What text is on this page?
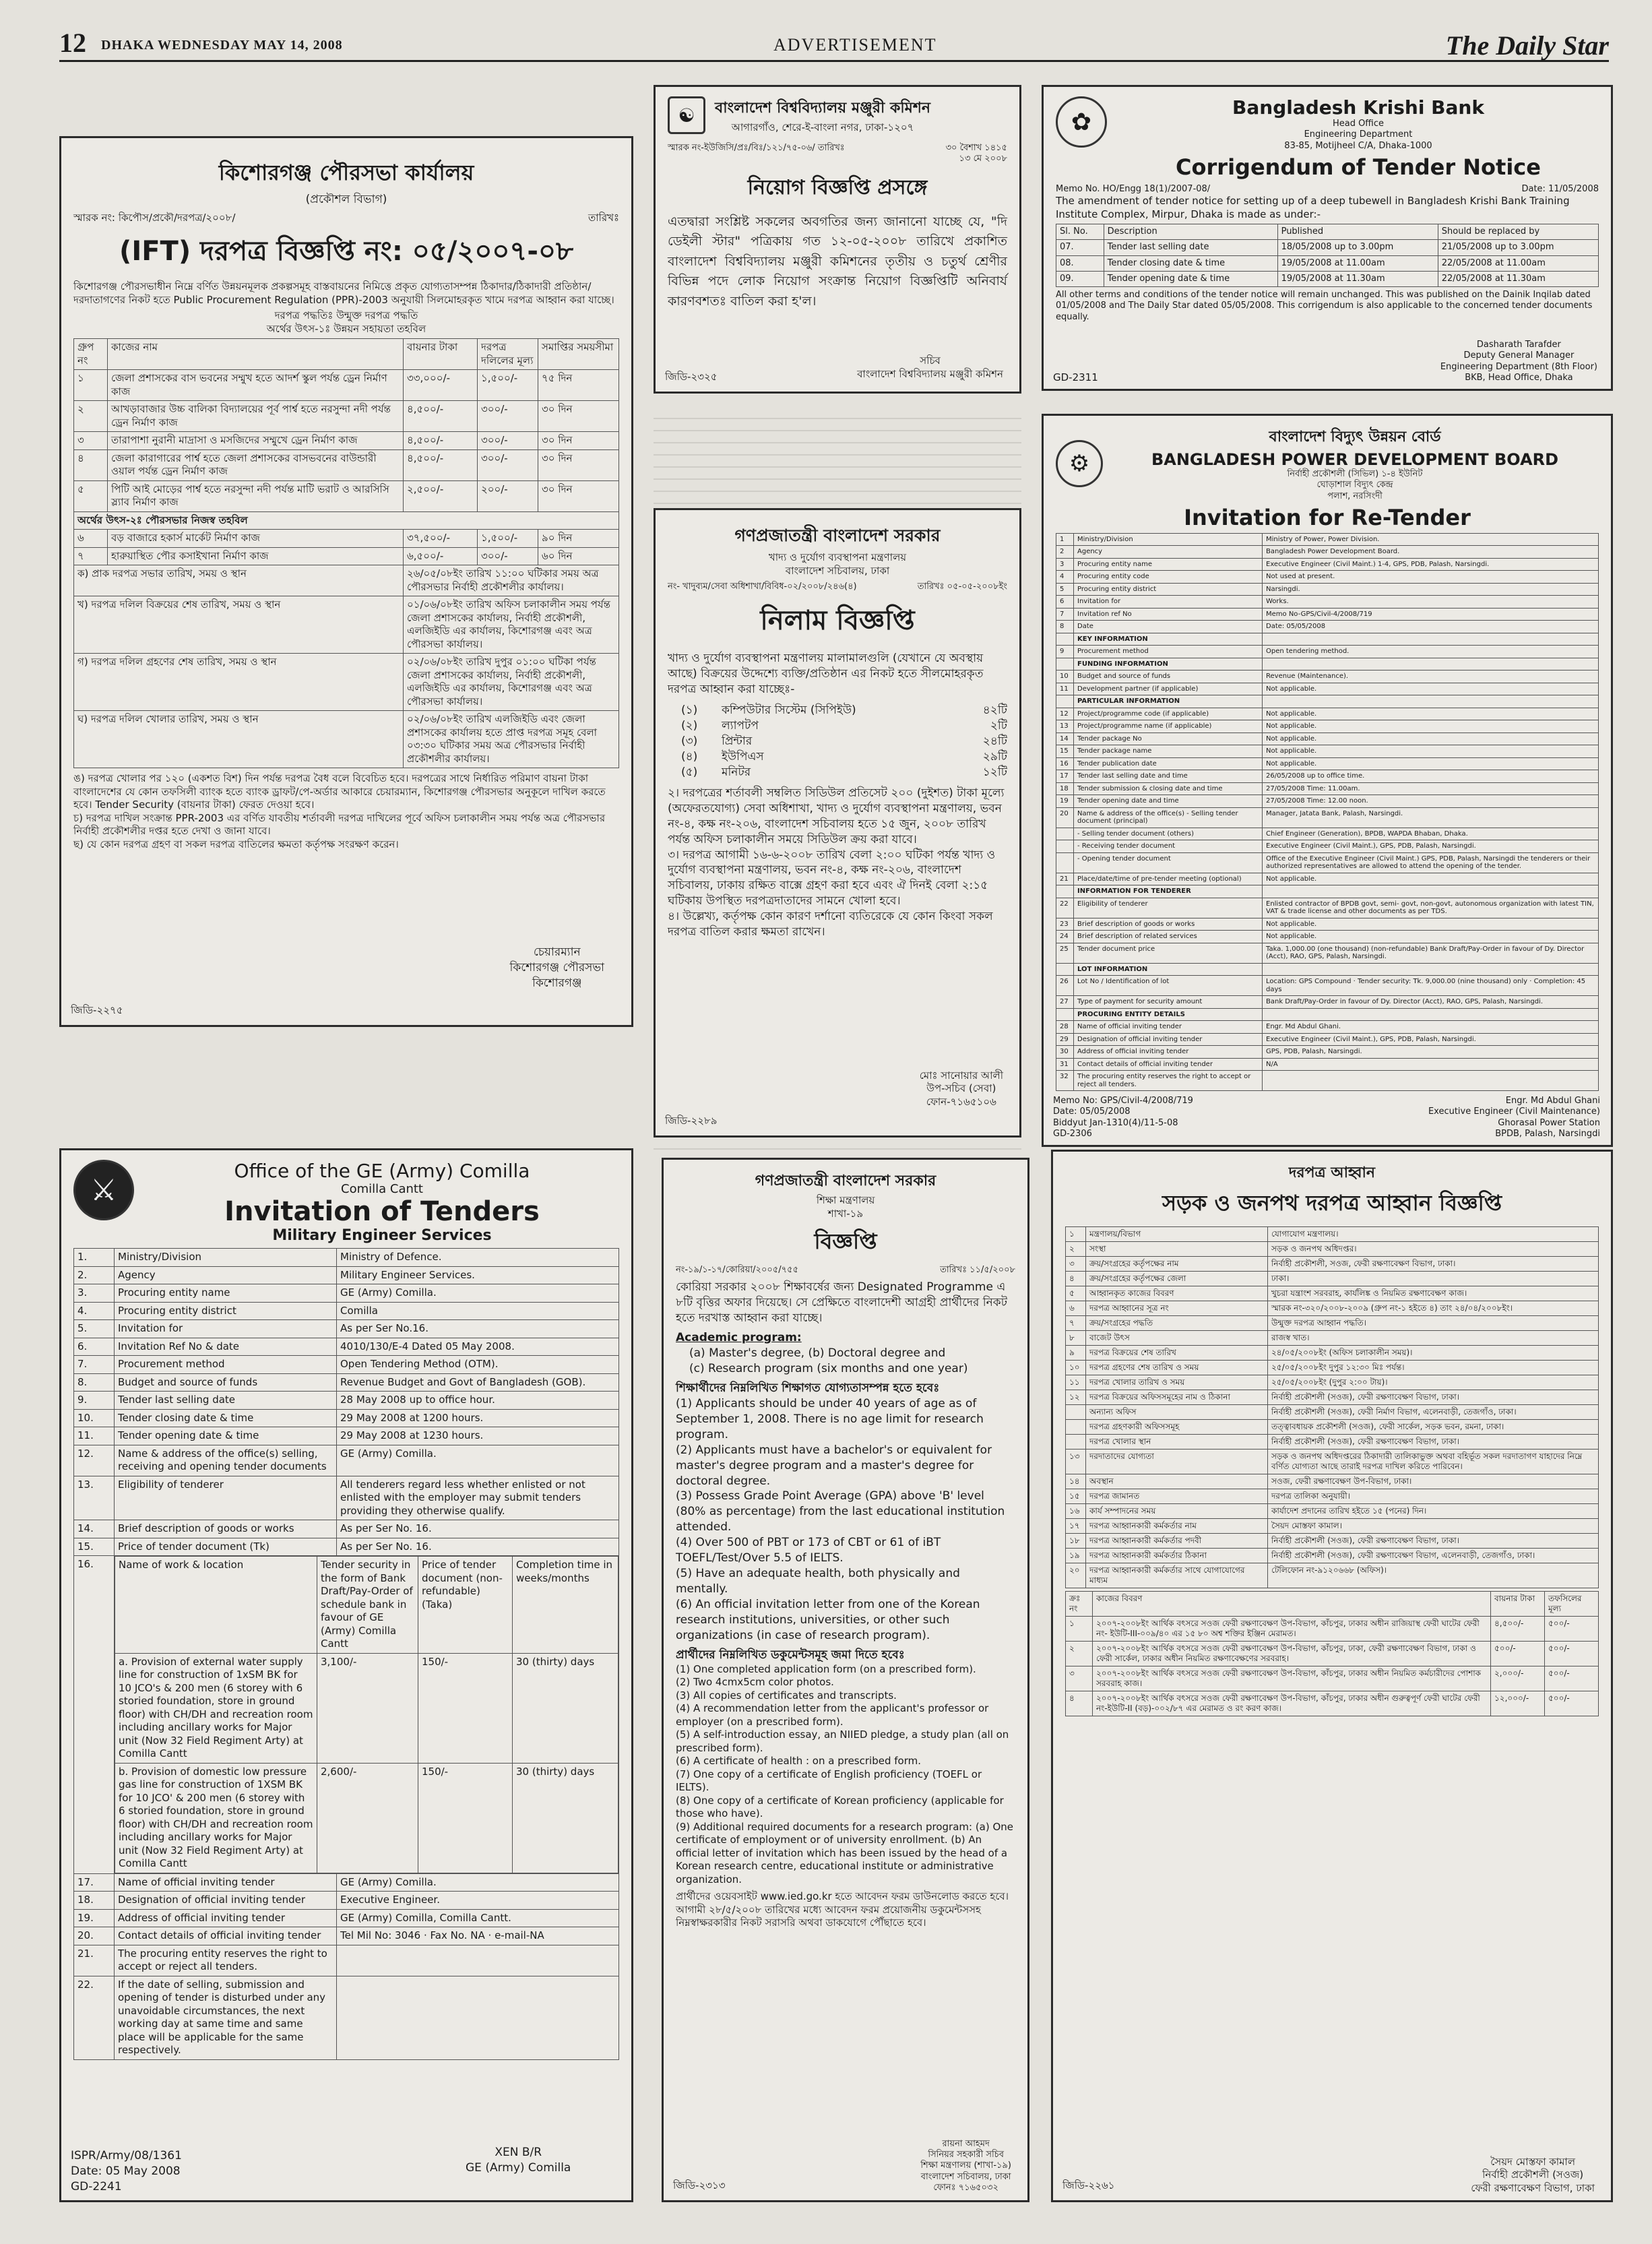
12 DHAKA WEDNESDAY MAY 14, 2008	ADVERTISEMENT	The Daily Star
কিশোরগঞ্জ পৌরসভা কার্যালয়
(প্রকৌশল বিভাগ)
স্মারক নং: কিপৌস/প্রকৌ/দরপত্র/২০০৮/	তারিখঃ
(IFT) দরপত্র বিজ্ঞপ্তি নং: ০৫/২০০৭-০৮
কিশোরগঞ্জ পৌরসভাধীন নিম্নে বর্ণিত উন্নয়নমূলক প্রকল্পসমূহ বাস্তবায়নের নিমিত্তে প্রকৃত যোগ্যতাসম্পন্ন ঠিকাদার/ঠিকাদারী প্রতিষ্ঠান/দরদাতাগণের নিকট হতে Public Procurement Regulation (PPR)-2003 অনুযায়ী সিলমোহরকৃত খামে দরপত্র আহ্বান করা যাচ্ছে।
দরপত্র পদ্ধতিঃ উন্মুক্ত দরপত্র পদ্ধতি
অর্থের উৎস-১ঃ উন্নয়ন সহায়তা তহবিল
গ্রুপ নং	কাজের নাম	বায়নার টাকা	দরপত্র দলিলের মূল্য	সমাপ্তির সময়সীমা
১	জেলা প্রশাসকের বাস ভবনের সম্মুখ হতে আদর্শ স্কুল পর্যন্ত ড্রেন নির্মাণ কাজ	৩৩,০০০/-	১,৫০০/-	৭৫ দিন
২	আখড়াবাজার উচ্চ বালিকা বিদ্যালয়ের পূর্ব পার্শ্ব হতে নরসুন্দা নদী পর্যন্ত ড্রেন নির্মাণ কাজ	৪,৫০০/-	৩০০/-	৩০ দিন
৩	তারাপাশা নুরানী মাদ্রাসা ও মসজিদের সম্মুখে ড্রেন নির্মাণ কাজ	৪,৫০০/-	৩০০/-	৩০ দিন
৪	জেলা কারাগারের পার্শ্ব হতে জেলা প্রশাসকের বাসভবনের বাউন্ডারী ওয়াল পর্যন্ত ড্রেন নির্মাণ কাজ	৪,৫০০/-	৩০০/-	৩০ দিন
৫	পিটি আই মোড়ের পার্শ্ব হতে নরসুন্দা নদী পর্যন্ত মাটি ভরাট ও আরসিসি স্ল্যাব নির্মাণ কাজ	২,৫০০/-	২০০/-	৩০ দিন
অর্থের উৎস-২ঃ পৌরসভার নিজস্ব তহবিল				
৬	বড় বাজারে হকার্স মার্কেট নির্মাণ কাজ	৩৭,৫০০/-	১,৫০০/-	৯০ দিন
৭	হারুয়াস্থিত পৌর কসাইখানা নির্মাণ কাজ	৬,৫০০/-	৩০০/-	৬০ দিন
ক) প্রাক দরপত্র সভার তারিখ, সময় ও স্থান		২৬/০৫/০৮ইং তারিখ ১১:০০ ঘটিকার সময় অত্র পৌরসভার নির্বাহী প্রকৌশলীর কার্যালয়।		
খ) দরপত্র দলিল বিক্রয়ের শেষ তারিখ, সময় ও স্থান		০১/০৬/০৮ইং তারিখ অফিস চলাকালীন সময় পর্যন্ত জেলা প্রশাসকের কার্যালয়, নির্বাহী প্রকৌশলী, এলজিইডি এর কার্যালয়, কিশোরগঞ্জ এবং অত্র পৌরসভা কার্যালয়।		
গ) দরপত্র দলিল গ্রহণের শেষ তারিখ, সময় ও স্থান		০২/০৬/০৮ইং তারিখ দুপুর ০১:০০ ঘটিকা পর্যন্ত জেলা প্রশাসকের কার্যালয়, নির্বাহী প্রকৌশলী, এলজিইডি এর কার্যালয়, কিশোরগঞ্জ এবং অত্র পৌরসভা কার্যালয়।		
ঘ) দরপত্র দলিল খোলার তারিখ, সময় ও স্থান		০২/০৬/০৮ইং তারিখ এলজিইডি এবং জেলা প্রশাসকের কার্যালয় হতে প্রাপ্ত দরপত্র সমূহ বেলা ০৩:৩০ ঘটিকার সময় অত্র পৌরসভার নির্বাহী প্রকৌশলীর কার্যালয়।		
ঙ) দরপত্র খোলার পর ১২০ (একশত বিশ) দিন পর্যন্ত দরপত্র বৈধ বলে বিবেচিত হবে। দরপত্রের সাথে নির্ধারিত পরিমাণ বায়না টাকা বাংলাদেশের যে কোন তফসিলী ব্যাংক হতে ব্যাংক ড্রাফট/পে-অর্ডার আকারে চেয়ারম্যান, কিশোরগঞ্জ পৌরসভার অনুকূলে দাখিল করতে হবে। Tender Security (বায়নার টাকা) ফেরত দেওয়া হবে।
চ) দরপত্র দাখিল সংক্রান্ত PPR-2003 এর বর্ণিত যাবতীয় শর্তাবলী দরপত্র দাখিলের পূর্বে অফিস চলাকালীন সময় পর্যন্ত অত্র পৌরসভার নির্বাহী প্রকৌশলীর দপ্তর হতে দেখা ও জানা যাবে।
ছ) যে কোন দরপত্র গ্রহণ বা সকল দরপত্র বাতিলের ক্ষমতা কর্তৃপক্ষ সংরক্ষণ করেন।
চেয়ারম্যান
কিশোরগঞ্জ পৌরসভা
কিশোরগঞ্জ
জিডি-২২৭৫
☯	বাংলাদেশ বিশ্ববিদ্যালয় মঞ্জুরী কমিশন
আগারগাঁও, শেরে-ই-বাংলা নগর, ঢাকা-১২০৭
স্মারক নং-ইউজিসি/প্রঃ/বিঃ/১২১/৭৫-০৬/ তারিখঃ	৩০ বৈশাখ ১৪১৫
১৩ মে ২০০৮
নিয়োগ বিজ্ঞপ্তি প্রসঙ্গে
এতদ্বারা সংশ্লিষ্ট সকলের অবগতির জন্য জানানো যাচ্ছে যে, "দি ডেইলী স্টার" পত্রিকায় গত ১২-০৫-২০০৮ তারিখে প্রকাশিত বাংলাদেশ বিশ্ববিদ্যালয় মঞ্জুরী কমিশনের তৃতীয় ও চতুর্থ শ্রেণীর বিভিন্ন পদে লোক নিয়োগ সংক্রান্ত নিয়োগ বিজ্ঞপ্তিটি অনিবার্য কারণবশতঃ বাতিল করা হ'ল।
সচিব
বাংলাদেশ বিশ্ববিদ্যালয় মঞ্জুরী কমিশন
জিডি-২৩২৫
✿
Bangladesh Krishi Bank
Head Office
Engineering Department
83-85, Motijheel C/A, Dhaka-1000
Corrigendum of Tender Notice
Memo No. HO/Engg 18(1)/2007-08/	Date: 11/05/2008
The amendment of tender notice for setting up of a deep tubewell in Bangladesh Krishi Bank Training Institute Complex, Mirpur, Dhaka is made as under:-
Sl. No.	Description	Published	Should be replaced by
07.	Tender last selling date	18/05/2008 up to 3.00pm	21/05/2008 up to 3.00pm
08.	Tender closing date & time	19/05/2008 at 11.00am	22/05/2008 at 11.00am
09.	Tender opening date & time	19/05/2008 at 11.30am	22/05/2008 at 11.30am
All other terms and conditions of the tender notice will remain unchanged. This was published on the Dainik Inqilab dated 01/05/2008 and The Daily Star dated 05/05/2008. This corrigendum is also applicable to the concerned tender documents equally.
Dasharath Tarafder
Deputy General Manager
Engineering Department (8th Floor)
BKB, Head Office, Dhaka
GD-2311
গণপ্রজাতন্ত্রী বাংলাদেশ সরকার
খাদ্য ও দুর্যোগ ব্যবস্থাপনা মন্ত্রণালয়
বাংলাদেশ সচিবালয়, ঢাকা
নং- খাদুব্যম/সেবা অধিশাখা/বিবিধ-০২/২০০৮/২৪৬(৪)	তারিখঃ ০৫-০৫-২০০৮ইং
নিলাম বিজ্ঞপ্তি
খাদ্য ও দুর্যোগ ব্যবস্থাপনা মন্ত্রণালয় মালামালগুলি (যেখানে যে অবস্থায় আছে) বিক্রয়ের উদ্দেশ্যে ব্যক্তি/প্রতিষ্ঠান এর নিকট হতে সীলমোহরকৃত দরপত্র আহ্বান করা যাচ্ছেঃ-
(১)	কম্পিউটার সিস্টেম (সিপিইউ)	৪২টি
(২)	ল্যাপটপ	২টি
(৩)	প্রিন্টার	২৪টি
(৪)	ইউপিএস	২৯টি
(৫)	মনিটর	১২টি
২। দরপত্রের শর্তাবলী সম্বলিত সিডিউল প্রতিসেট ২০০ (দুইশত) টাকা মূল্যে (অফেরতযোগ্য) সেবা অধিশাখা, খাদ্য ও দুর্যোগ ব্যবস্থাপনা মন্ত্রণালয়, ভবন নং-৪, কক্ষ নং-২০৬, বাংলাদেশ সচিবালয় হতে ১৫ জুন, ২০০৮ তারিখ পর্যন্ত অফিস চলাকালীন সময়ে সিডিউল ক্রয় করা যাবে।
৩। দরপত্র আগামী ১৬-৬-২০০৮ তারিখ বেলা ২:০০ ঘটিকা পর্যন্ত খাদ্য ও দুর্যোগ ব্যবস্থাপনা মন্ত্রণালয়, ভবন নং-৪, কক্ষ নং-২০৬, বাংলাদেশ সচিবালয়, ঢাকায় রক্ষিত বাক্সে গ্রহণ করা হবে এবং ঐ দিনই বেলা ২:১৫ ঘটিকায় উপস্থিত দরপত্রদাতাদের সামনে খোলা হবে।
৪। উল্লেখ্য, কর্তৃপক্ষ কোন কারণ দর্শানো ব্যতিরেকে যে কোন কিংবা সকল দরপত্র বাতিল করার ক্ষমতা রাখেন।
মোঃ সানোয়ার আলী
উপ-সচিব (সেবা)
ফোন-৭১৬৫১০৬
জিডি-২২৮৯
⚙
বাংলাদেশ বিদ্যুৎ উন্নয়ন বোর্ড
BANGLADESH POWER DEVELOPMENT BOARD
নির্বাহী প্রকৌশলী (সিভিল) ১-৪ ইউনিট
ঘোড়াশাল বিদ্যুৎ কেন্দ্র
পলাশ, নরসিংদী
Invitation for Re-Tender
1	Ministry/Division	Ministry of Power, Power Division.
2	Agency	Bangladesh Power Development Board.
3	Procuring entity name	Executive Engineer (Civil Maint.) 1-4, GPS, PDB, Palash, Narsingdi.
4	Procuring entity code	Not used at present.
5	Procuring entity district	Narsingdi.
6	Invitation for	Works.
7	Invitation ref No	Memo No-GPS/Civil-4/2008/719
8	Date	Date: 05/05/2008
	KEY INFORMATION	
9	Procurement method	Open tendering method.
	FUNDING INFORMATION	
10	Budget and source of funds	Revenue (Maintenance).
11	Development partner (if applicable)	Not applicable.
	PARTICULAR INFORMATION	
12	Project/programme code (if applicable)	Not applicable.
13	Project/programme name (if applicable)	Not applicable.
14	Tender package No	Not applicable.
15	Tender package name	Not applicable.
16	Tender publication date	Not applicable.
17	Tender last selling date and time	26/05/2008 up to office time.
18	Tender submission & closing date and time	27/05/2008 Time: 11.00am.
19	Tender opening date and time	27/05/2008 Time: 12.00 noon.
20	Name & address of the office(s) - Selling tender document (principal)	Manager, Jatata Bank, Palash, Narsingdi.
	- Selling tender document (others)	Chief Engineer (Generation), BPDB, WAPDA Bhaban, Dhaka.
	- Receiving tender document	Executive Engineer (Civil Maint.), GPS, PDB, Palash, Narsingdi.
	- Opening tender document	Office of the Executive Engineer (Civil Maint.) GPS, PDB, Palash, Narsingdi the tenderers or their authorized representatives are allowed to attend the opening of the tender.
21	Place/date/time of pre-tender meeting (optional)	Not applicable.
	INFORMATION FOR TENDERER	
22	Eligibility of tenderer	Enlisted contractor of BPDB govt, semi- govt, non-govt, autonomous organization with latest TIN, VAT & trade license and other documents as per TDS.
23	Brief description of goods or works	Not applicable.
24	Brief description of related services	Not applicable.
25	Tender document price	Taka. 1,000.00 (one thousand) (non-refundable) Bank Draft/Pay-Order in favour of Dy. Director (Acct), RAO, GPS, Palash, Narsingdi.
	LOT INFORMATION	
26	Lot No / Identification of lot	Location: GPS Compound · Tender security: Tk. 9,000.00 (nine thousand) only · Completion: 45 days
27	Type of payment for security amount	Bank Draft/Pay-Order in favour of Dy. Director (Acct), RAO, GPS, Palash, Narsingdi.
	PROCURING ENTITY DETAILS	
28	Name of official inviting tender	Engr. Md Abdul Ghani.
29	Designation of official inviting tender	Executive Engineer (Civil Maint.), GPS, PDB, Palash, Narsingdi.
30	Address of official inviting tender	GPS, PDB, Palash, Narsingdi.
31	Contact details of official inviting tender	N/A
32	The procuring entity reserves the right to accept or reject all tenders.	
Memo No: GPS/Civil-4/2008/719
Date: 05/05/2008
Biddyut Jan-1310(4)/11-5-08
GD-2306
Engr. Md Abdul Ghani
Executive Engineer (Civil Maintenance)
Ghorasal Power Station
BPDB, Palash, Narsingdi
⚔
Office of the GE (Army) Comilla
Comilla Cantt
Invitation of Tenders
Military Engineer Services
1.	Ministry/Division	Ministry of Defence.
2.	Agency	Military Engineer Services.
3.	Procuring entity name	GE (Army) Comilla.
4.	Procuring entity district	Comilla
5.	Invitation for	As per Ser No.16.
6.	Invitation Ref No & date	4010/130/E-4 Dated 05 May 2008.
7.	Procurement method	Open Tendering Method (OTM).
8.	Budget and source of funds	Revenue Budget and Govt of Bangladesh (GOB).
9.	Tender last selling date	28 May 2008 up to office hour.
10.	Tender closing date & time	29 May 2008 at 1200 hours.
11.	Tender opening date & time	29 May 2008 at 1230 hours.
12.	Name & address of the office(s) selling, receiving and opening tender documents	GE (Army) Comilla.
13.	Eligibility of tenderer	All tenderers regard less whether enlisted or not enlisted with the employer may submit tenders providing they otherwise qualify.
14.	Brief description of goods or works	As per Ser No. 16.
15.	Price of tender document (Tk)	As per Ser No. 16.
16.	Name of work & location	Tender security in the form of Bank Draft/Pay-Order of schedule bank in favour of GE (Army) Comilla Cantt	Price of tender document (non-refundable) (Taka)	Completion time in weeks/months
a. Provision of external water supply line for construction of 1xSM BK for 10 JCO's & 200 men (6 storey with 6 storied foundation, store in ground floor) with CH/DH and recreation room including ancillary works for Major unit (Now 32 Field Regiment Arty) at Comilla Cantt	3,100/-	150/-	30 (thirty) days
b. Provision of domestic low pressure gas line for construction of 1XSM BK for 10 JCO' & 200 men (6 storey with 6 storied foundation, store in ground floor) with CH/DH and recreation room including ancillary works for Major unit (Now 32 Field Regiment Arty) at Comilla Cantt	2,600/-	150/-	30 (thirty) days

17.	Name of official inviting tender	GE (Army) Comilla.
18.	Designation of official inviting tender	Executive Engineer.
19.	Address of official inviting tender	GE (Army) Comilla, Comilla Cantt.
20.	Contact details of official inviting tender	Tel Mil No: 3046 · Fax No. NA · e-mail-NA
21.	The procuring entity reserves the right to accept or reject all tenders.	
22.	If the date of selling, submission and opening of tender is disturbed under any unavoidable circumstances, the next working day at same time and same place will be applicable for the same respectively.	
ISPR/Army/08/1361
Date: 05 May 2008
GD-2241
XEN B/R
GE (Army) Comilla
গণপ্রজাতন্ত্রী বাংলাদেশ সরকার
শিক্ষা মন্ত্রণালয়
শাখা-১৯
বিজ্ঞপ্তি
নং-১৯/১-১৭/কোরিয়া/২০০৫/৭৫৫	তারিখঃ ১১/৫/২০০৮
কোরিয়া সরকার ২০০৮ শিক্ষাবর্ষের জন্য Designated Programme এ ৮টি বৃত্তির অফার দিয়েছে। সে প্রেক্ষিতে বাংলাদেশী আগ্রহী প্রার্থীদের নিকট হতে দরখাস্ত আহ্বান করা যাচ্ছে।
Academic program:
(a) Master's degree, (b) Doctoral degree and
(c) Research program (six months and one year)
শিক্ষার্থীদের নিম্নলিখিত শিক্ষাগত যোগ্যতাসম্পন্ন হতে হবেঃ
(1) Applicants should be under 40 years of age as of September 1, 2008. There is no age limit for research program.
(2) Applicants must have a bachelor's or equivalent for master's degree program and a master's degree for doctoral degree.
(3) Possess Grade Point Average (GPA) above 'B' level (80% as percentage) from the last educational institution attended.
(4) Over 500 of PBT or 173 of CBT or 61 of iBT TOEFL/Test/Over 5.5 of IELTS.
(5) Have an adequate health, both physically and mentally.
(6) An official invitation letter from one of the Korean research institutions, universities, or other such organizations (in case of research program).
প্রার্থীদের নিম্নলিখিত ডকুমেন্টসমূহ জমা দিতে হবেঃ
(1) One completed application form (on a prescribed form).
(2) Two 4cmx5cm color photos.
(3) All copies of certificates and transcripts.
(4) A recommendation letter from the applicant's professor or employer (on a prescribed form).
(5) A self-introduction essay, an NIIED pledge, a study plan (all on prescribed form).
(6) A certificate of health : on a prescribed form.
(7) One copy of a certificate of English proficiency (TOEFL or IELTS).
(8) One copy of a certificate of Korean proficiency (applicable for those who have).
(9) Additional required documents for a research program: (a) One certificate of employment or of university enrollment. (b) An official letter of invitation which has been issued by the head of a Korean research centre, educational institute or administrative organization.
প্রার্থীদের ওয়েবসাইট www.ied.go.kr হতে আবেদন ফরম ডাউনলোড করতে হবে। আগামী ২৮/৫/২০০৮ তারিখের মধ্যে আবেদন ফরম প্রয়োজনীয় ডকুমেন্টসসহ নিম্নস্বাক্ষরকারীর নিকট সরাসরি অথবা ডাকযোগে পৌঁছাতে হবে।
রায়না আহমদ
সিনিয়র সহকারী সচিব
শিক্ষা মন্ত্রণালয় (শাখা-১৯)
বাংলাদেশ সচিবালয়, ঢাকা
ফোনঃ ৭১৬৫০৩২
জিডি-২৩১৩
দরপত্র আহ্বান
সড়ক ও জনপথ দরপত্র আহ্বান বিজ্ঞপ্তি
১	মন্ত্রণালয়/বিভাগ	যোগাযোগ মন্ত্রণালয়।
২	সংস্থা	সড়ক ও জনপথ অধিদপ্তর।
৩	ক্রয়/সংগ্রহের কর্তৃপক্ষের নাম	নির্বাহী প্রকৌশলী, সওজ, ফেরী রক্ষণাবেক্ষণ বিভাগ, ঢাকা।
৪	ক্রয়/সংগ্রহের কর্তৃপক্ষের জেলা	ঢাকা।
৫	আহ্বানকৃত কাজের বিবরণ	খুচরা যন্ত্রাংশ সরবরাহ, কার্যলিঙ্ক ও নিয়মিত রক্ষণাবেক্ষণ কাজ।
৬	দরপত্র আহ্বানের সূত্র নং	স্মারক নং-৩২০/২০০৮-২০০৯ (গ্রুপ নং-১ হইতে ৪) তাং ২৪/০৪/২০০৮ইং।
৭	ক্রয়/সংগ্রহের পদ্ধতি	উন্মুক্ত দরপত্র আহ্বান পদ্ধতি।
৮	বাজেট উৎস	রাজস্ব খাত।
৯	দরপত্র বিক্রয়ের শেষ তারিখ	২৪/০৫/২০০৮ইং (অফিস চলাকালীন সময়)।
১০	দরপত্র গ্রহণের শেষ তারিখ ও সময়	২৫/০৫/২০০৮ইং দুপুর ১২:৩০ মিঃ পর্যন্ত।
১১	দরপত্র খোলার তারিখ ও সময়	২৫/০৫/২০০৮ইং (দুপুর ২:০০ টায়)।
১২	দরপত্র বিক্রয়ের অফিসসমূহের নাম ও ঠিকানা	নির্বাহী প্রকৌশলী (সওজ), ফেরী রক্ষণাবেক্ষণ বিভাগ, ঢাকা।
	অন্যান্য অফিস	নির্বাহী প্রকৌশলী (সওজ), ফেরী নির্মাণ বিভাগ, এলেনবাড়ী, তেজগাঁও, ঢাকা।
	দরপত্র গ্রহণকারী অফিসসমূহ	তত্ত্বাবধায়ক প্রকৌশলী (সওজ), ফেরী সার্কেল, সড়ক ভবন, রমনা, ঢাকা।
	দরপত্র খোলার স্থান	নির্বাহী প্রকৌশলী (সওজ), ফেরী রক্ষণাবেক্ষণ বিভাগ, ঢাকা।
১৩	দরদাতাদের যোগ্যতা	সড়ক ও জনপথ অধিদপ্তরের ঠিকাদারী তালিকাভুক্ত অথবা বহির্ভূত সকল দরদাতাগণ যাহাদের নিম্নে বর্ণিত যোগ্যতা আছে তারাই দরপত্র দাখিল করিতে পারিবেন।
১৪	অবস্থান	সওজ, ফেরী রক্ষণাবেক্ষণ উপ-বিভাগ, ঢাকা।
১৫	দরপত্র জামানত	দরপত্র তালিকা অনুযায়ী।
১৬	কার্য সম্পাদনের সময়	কার্যাদেশ প্রদানের তারিখ হইতে ১৫ (পনের) দিন।
১৭	দরপত্র আহ্বানকারী কর্মকর্তার নাম	সৈয়দ মোস্তফা কামাল।
১৮	দরপত্র আহ্বানকারী কর্মকর্তার পদবী	নির্বাহী প্রকৌশলী (সওজ), ফেরী রক্ষণাবেক্ষণ বিভাগ, ঢাকা।
১৯	দরপত্র আহ্বানকারী কর্মকর্তার ঠিকানা	নির্বাহী প্রকৌশলী (সওজ), ফেরী রক্ষণাবেক্ষণ বিভাগ, এলেনবাড়ী, তেজগাঁও, ঢাকা।
২০	দরপত্র আহ্বানকারী কর্মকর্তার সাথে যোগাযোগের মাধ্যম	টেলিফোন নং-৯১২০৬৬৮ (অফিস)।
ক্রঃ নং	কাজের বিবরণ	বায়নার টাকা	তফসিলের মূল্য
১	২০০৭-২০০৮ইং আর্থিক বৎসরে সওজ ফেরী রক্ষণাবেক্ষণ উপ-বিভাগ, কাঁচপুর, ঢাকার অধীন রাজিয়াস্থ ফেরী ঘাটের ফেরী নং- ইউটি-III-০০৯/৪০ এর ১৫ ৮০ অশ্ব শক্তির ইঞ্জিন মেরামত।	৪,৫০০/-	৫০০/-
২	২০০৭-২০০৮ইং আর্থিক বৎসরে সওজ ফেরী রক্ষণাবেক্ষণ উপ-বিভাগ, কাঁচপুর, ঢাকা, ফেরী রক্ষণাবেক্ষণ বিভাগ, ঢাকা ও ফেরী সার্কেল, ঢাকার অধীন নিয়মিত রক্ষণাবেক্ষণের সরবরাহ।	৫০০/-	৫০০/-
৩	২০০৭-২০০৮ইং আর্থিক বৎসরে সওজ ফেরী রক্ষণাবেক্ষণ উপ-বিভাগ, কাঁচপুর, ঢাকার অধীন নিয়মিত কর্মচারীদের পোশাক সরবরাহ কাজ।	২,০০০/-	৫০০/-
৪	২০০৭-২০০৮ইং আর্থিক বৎসরে সওজ ফেরী রক্ষণাবেক্ষণ উপ-বিভাগ, কাঁচপুর, ঢাকার অধীন গুরুত্বপূর্ণ ফেরী ঘাটের ফেরী নং-ইউটি-II (বড়)-০০২/৮৭ এর মেরামত ও রং করণ কাজ।	১২,০০০/-	৫০০/-
সৈয়দ মোস্তফা কামাল
নির্বাহী প্রকৌশলী (সওজ)
ফেরী রক্ষণাবেক্ষণ বিভাগ, ঢাকা
জিডি-২২৬১
